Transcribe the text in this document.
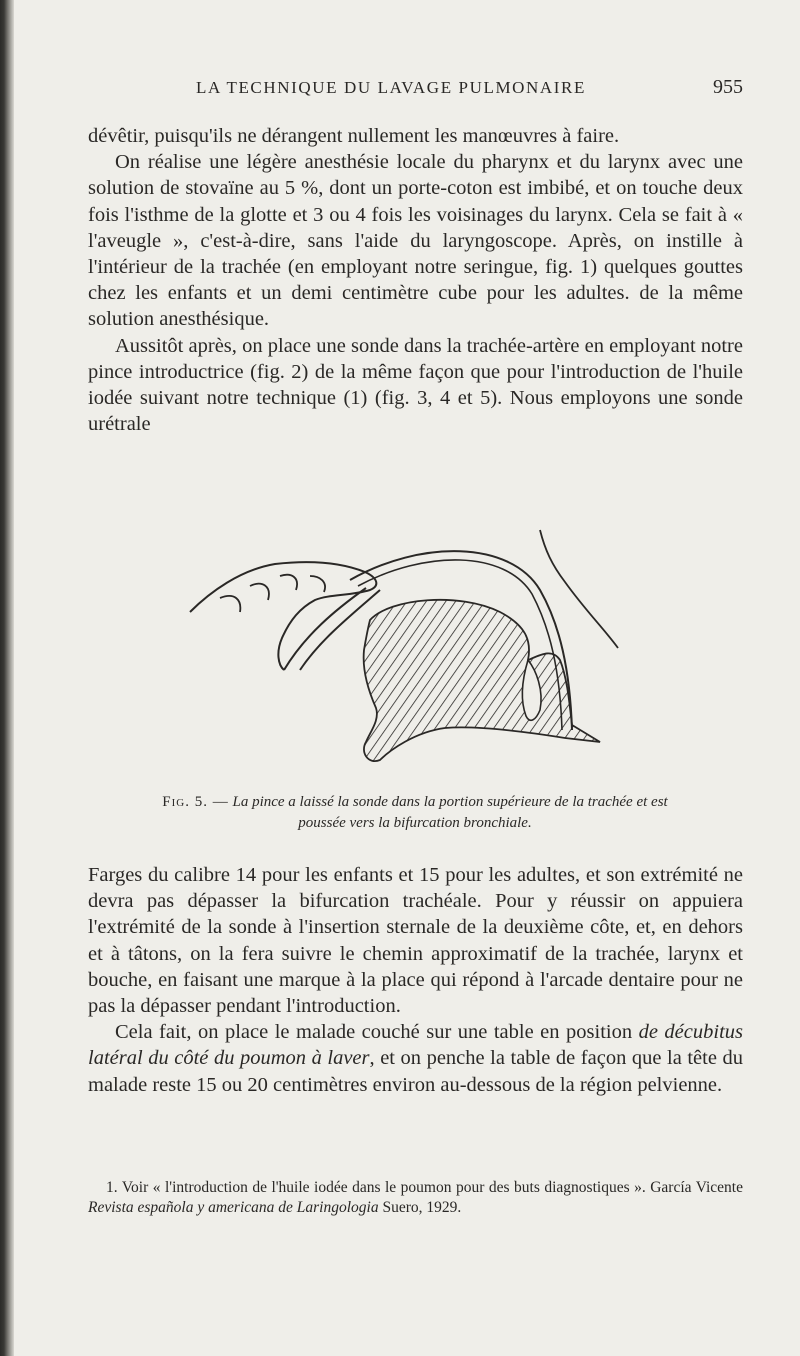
LA TECHNIQUE DU LAVAGE PULMONAIRE	955

dévêtir, puisqu'ils ne dérangent nullement les manœuvres à faire.

On réalise une légère anesthésie locale du pharynx et du larynx avec une solution de stovaïne au 5 %, dont un porte-coton est imbibé, et on touche deux fois l'isthme de la glotte et 3 ou 4 fois les voisinages du larynx. Cela se fait à « l'aveugle », c'est-à-dire, sans l'aide du laryngoscope. Après, on instille à l'intérieur de la trachée (en employant notre seringue, fig. 1) quelques gouttes chez les enfants et un demi centimètre cube pour les adultes. de la même solution anesthésique.

Aussitôt après, on place une sonde dans la trachée-artère en employant notre pince introductrice (fig. 2) de la même façon que pour l'introduction de l'huile iodée suivant notre technique (1) (fig. 3, 4 et 5). Nous employons une sonde urétrale

Fig. 5. — La pince a laissé la sonde dans la portion supérieure de la trachée et est poussée vers la bifurcation bronchiale.

Farges du calibre 14 pour les enfants et 15 pour les adultes, et son extrémité ne devra pas dépasser la bifurcation trachéale. Pour y réussir on appuiera l'extrémité de la sonde à l'insertion sternale de la deuxième côte, et, en dehors et à tâtons, on la fera suivre le chemin approximatif de la trachée, larynx et bouche, en faisant une marque à la place qui répond à l'arcade dentaire pour ne pas la dépasser pendant l'introduction.

Cela fait, on place le malade couché sur une table en position de décubitus latéral du côté du poumon à laver, et on penche la table de façon que la tête du malade reste 15 ou 20 centimètres environ au-dessous de la région pelvienne.

1. Voir « l'introduction de l'huile iodée dans le poumon pour des buts diagnostiques ». García Vicente Revista española y americana de Laringologia Suero, 1929.
